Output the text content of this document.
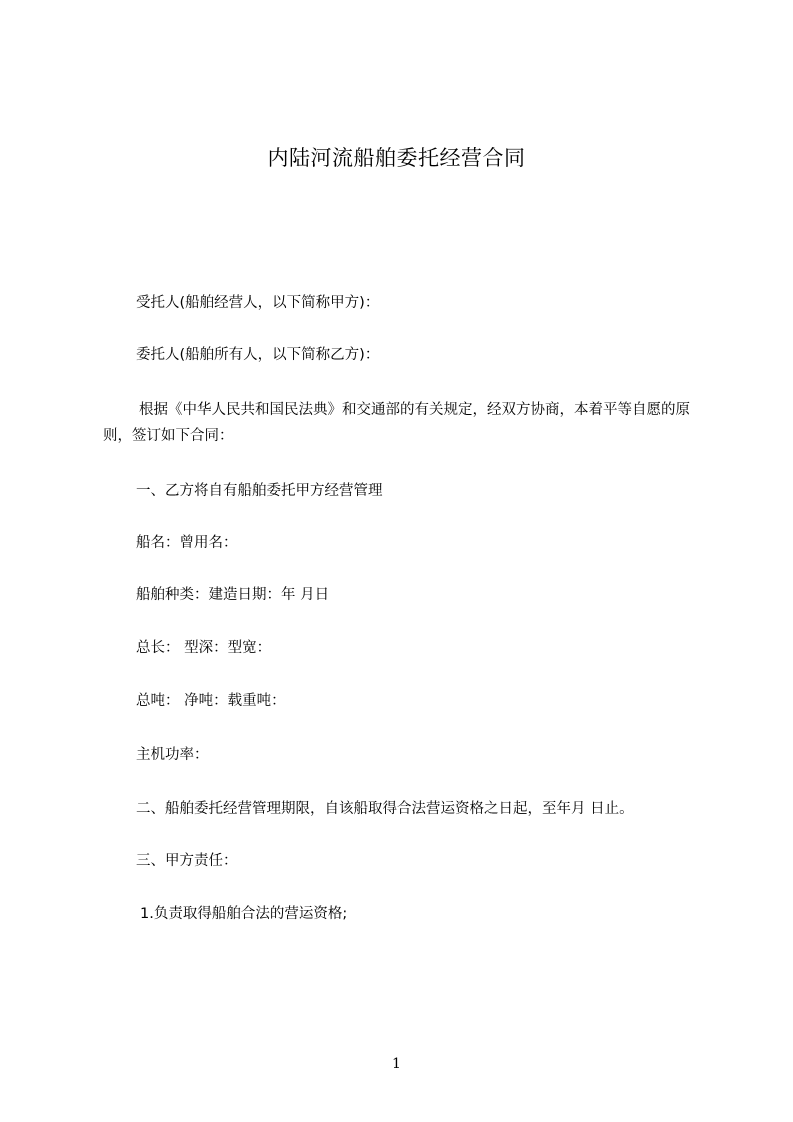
内陆河流船舶委托经营合同
受托人(船舶经营人，以下简称甲方)：
委托人(船舶所有人，以下简称乙方)：
根据《中华人民共和国民法典》和交通部的有关规定，经双方协商，本着平等自愿的原则，签订如下合同：
一、乙方将自有船舶委托甲方经营管理
船名：曾用名：
船舶种类：建造日期：年 月日
总长： 型深：型宽：
总吨： 净吨：载重吨：
主机功率：
二、船舶委托经营管理期限，自该船取得合法营运资格之日起，至年月 日止。
三、甲方责任：
1.负责取得船舶合法的营运资格;
1
